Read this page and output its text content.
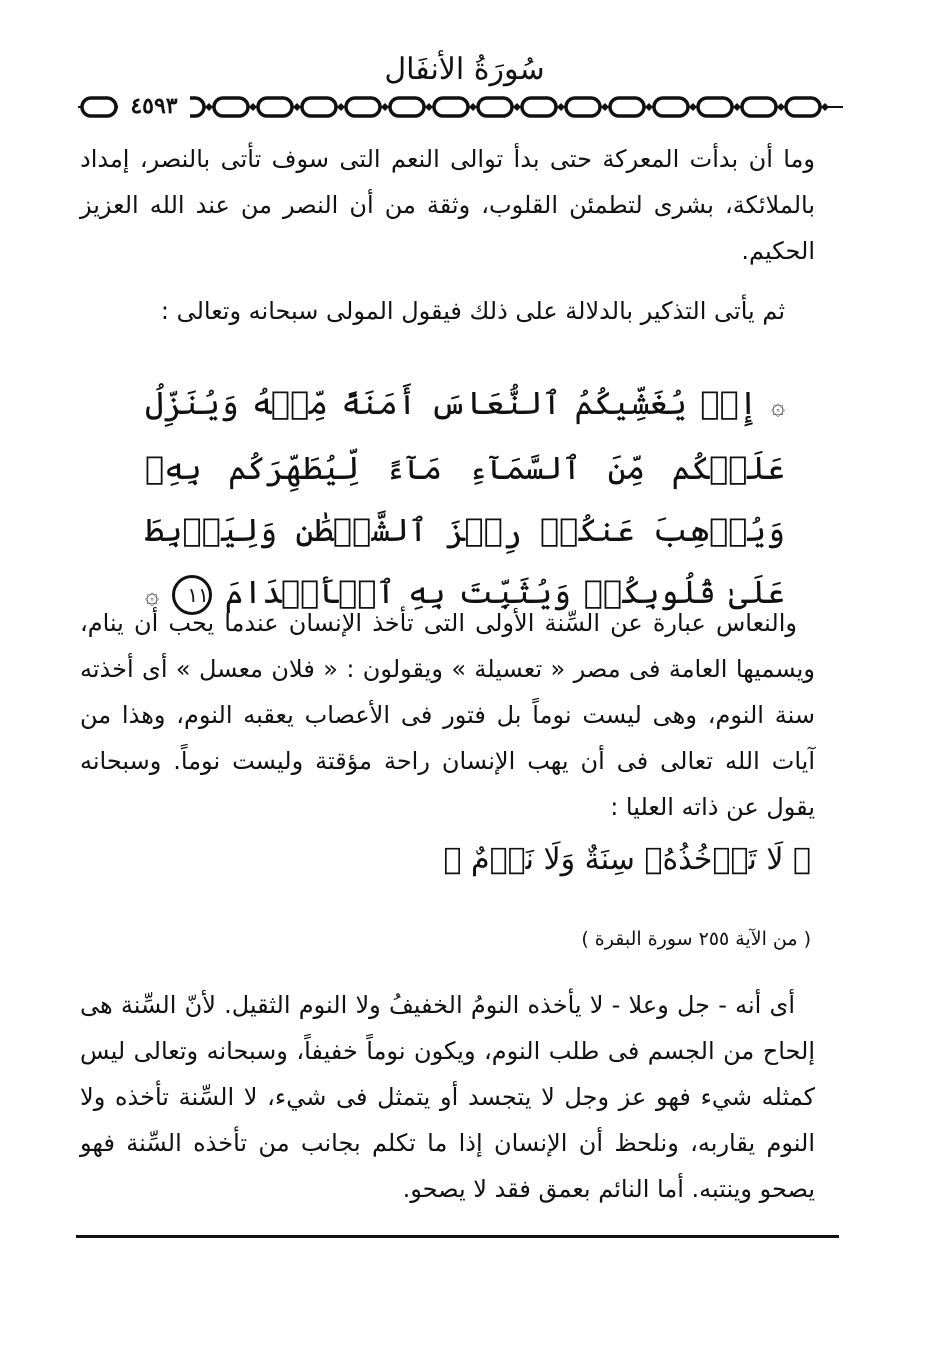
سُورَةُ الأنفَال
٤٥٩٣
وما أن بدأت المعركة حتى بدأ توالى النعم التى سوف تأتى بالنصر، إمداد بالملائكة، بشرى لتطمئن القلوب، وثقة من أن النصر من عند الله العزيز الحكيم.
ثم يأتى التذكير بالدلالة على ذلك فيقول المولى سبحانه وتعالى :
۞ إِذۡ يُغَشِّيكُمُ ٱلنُّعَاسَ أَمَنَةً مِّنۡهُ وَيُنَزِّلُ عَلَيۡكُم مِّنَ ٱلسَّمَآءِ مَآءً لِّيُطَهِّرَكُم بِهِۦ وَيُذۡهِبَ عَنكُمۡ رِجۡزَ ٱلشَّيۡطَٰنِ وَلِيَرۡبِطَ عَلَىٰ قُلُوبِكُمۡ وَيُثَبِّتَ بِهِ ٱلۡأَقۡدَامَ ١١ ۞
والنعاس عبارة عن السِّنة الأولى التى تأخذ الإنسان عندما يحب أن ينام، ويسميها العامة فى مصر « تعسيلة » ويقولون : « فلان معسل » أى أخذته سنة النوم، وهى ليست نوماً بل فتور فى الأعصاب يعقبه النوم، وهذا من آيات الله تعالى فى أن يهب الإنسان راحة مؤقتة وليست نوماً. وسبحانه يقول عن ذاته العليا :
﴿ لَا تَأۡخُذُهُۥ سِنَةٌ وَلَا نَوۡمٌ ﴾
( من الآية ٢٥٥ سورة البقرة )
أى أنه - جل وعلا - لا يأخذه النومُ الخفيفُ ولا النوم الثقيل. لأنّ السِّنة هى إلحاح من الجسم فى طلب النوم، ويكون نوماً خفيفاً، وسبحانه وتعالى ليس كمثله شيء فهو عز وجل لا يتجسد أو يتمثل فى شيء، لا السِّنة تأخذه ولا النوم يقاربه، ونلحظ أن الإنسان إذا ما تكلم بجانب من تأخذه السِّنة فهو يصحو وينتبه. أما النائم بعمق فقد لا يصحو.
